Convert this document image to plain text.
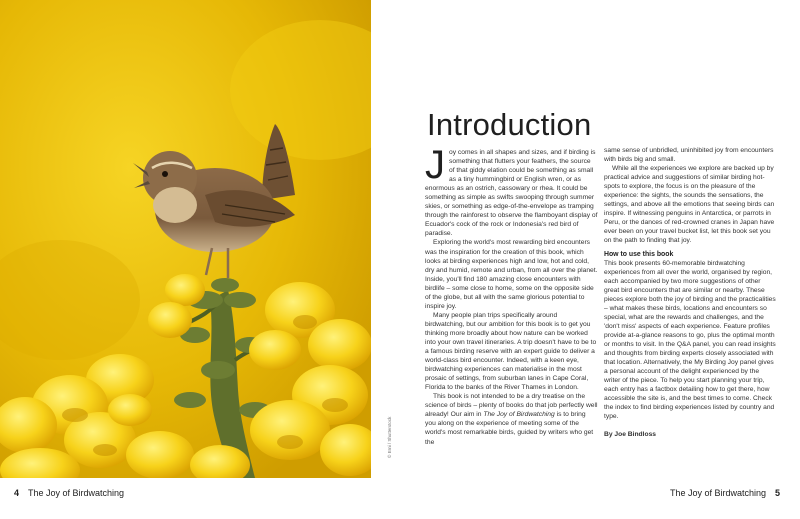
© Erni / Shutterstock
Introduction

Joy comes in all shapes and sizes, and if birding is something that flutters your feathers, the source of that giddy elation could be something as small as a tiny hummingbird or English wren, or as enormous as an ostrich, cassowary or rhea. It could be something as simple as swifts swooping through summer skies, or something as edge-of-the-envelope as tramping through the rainforest to observe the flamboyant display of Ecuador's cock of the rock or Indonesia's red bird of paradise.

Exploring the world's most rewarding bird encounters was the inspiration for the creation of this book, which looks at birding experiences high and low, hot and cold, dry and humid, remote and urban, from all over the planet. Inside, you'll find 180 amazing close encounters with birdlife – some close to home, some on the opposite side of the globe, but all with the same glorious potential to inspire joy.

Many people plan trips specifically around birdwatching, but our ambition for this book is to get you thinking more broadly about how nature can be worked into your own travel itineraries. A trip doesn't have to be to a famous birding reserve with an expert guide to deliver a world-class bird encounter. Indeed, with a keen eye, birdwatching experiences can materialise in the most prosaic of settings, from suburban lanes in Cape Coral, Florida to the banks of the River Thames in London.

This book is not intended to be a dry treatise on the science of birds – plenty of books do that job perfectly well already! Our aim in The Joy of Birdwatching is to bring you along on the experience of meeting some of the world's most remarkable birds, guided by writers who get the

same sense of unbridled, uninhibited joy from encounters with birds big and small.

While all the experiences we explore are backed up by practical advice and suggestions of similar birding hot-spots to explore, the focus is on the pleasure of the experience: the sights, the sounds the sensations, the settings, and above all the emotions that seeing birds can inspire. If witnessing penguins in Antarctica, or parrots in Peru, or the dances of red-crowned cranes in Japan have ever been on your travel bucket list, let this book set you on the path to finding that joy.

How to use this book

This book presents 60-memorable birdwatching experiences from all over the world, organised by region, each accompanied by two more suggestions of other great bird encounters that are similar or nearby. These pieces explore both the joy of birding and the practicalities – what makes these birds, locations and encounters so special, what are the rewards and challenges, and the 'don't miss' aspects of each experience. Feature profiles provide at-a-glance reasons to go, plus the optimal month or months to visit. In the Q&A panel, you can read insights and thoughts from birding experts closely associated with that location. Alternatively, the My Birding Joy panel gives a personal account of the delight experienced by the writer of the piece. To help you start planning your trip, each entry has a factbox detailing how to get there, how accessible the site is, and the best times to come. Check the index to find birding experiences listed by country and type.

By Joe Bindloss

4 The Joy of Birdwatching	The Joy of Birdwatching 5
